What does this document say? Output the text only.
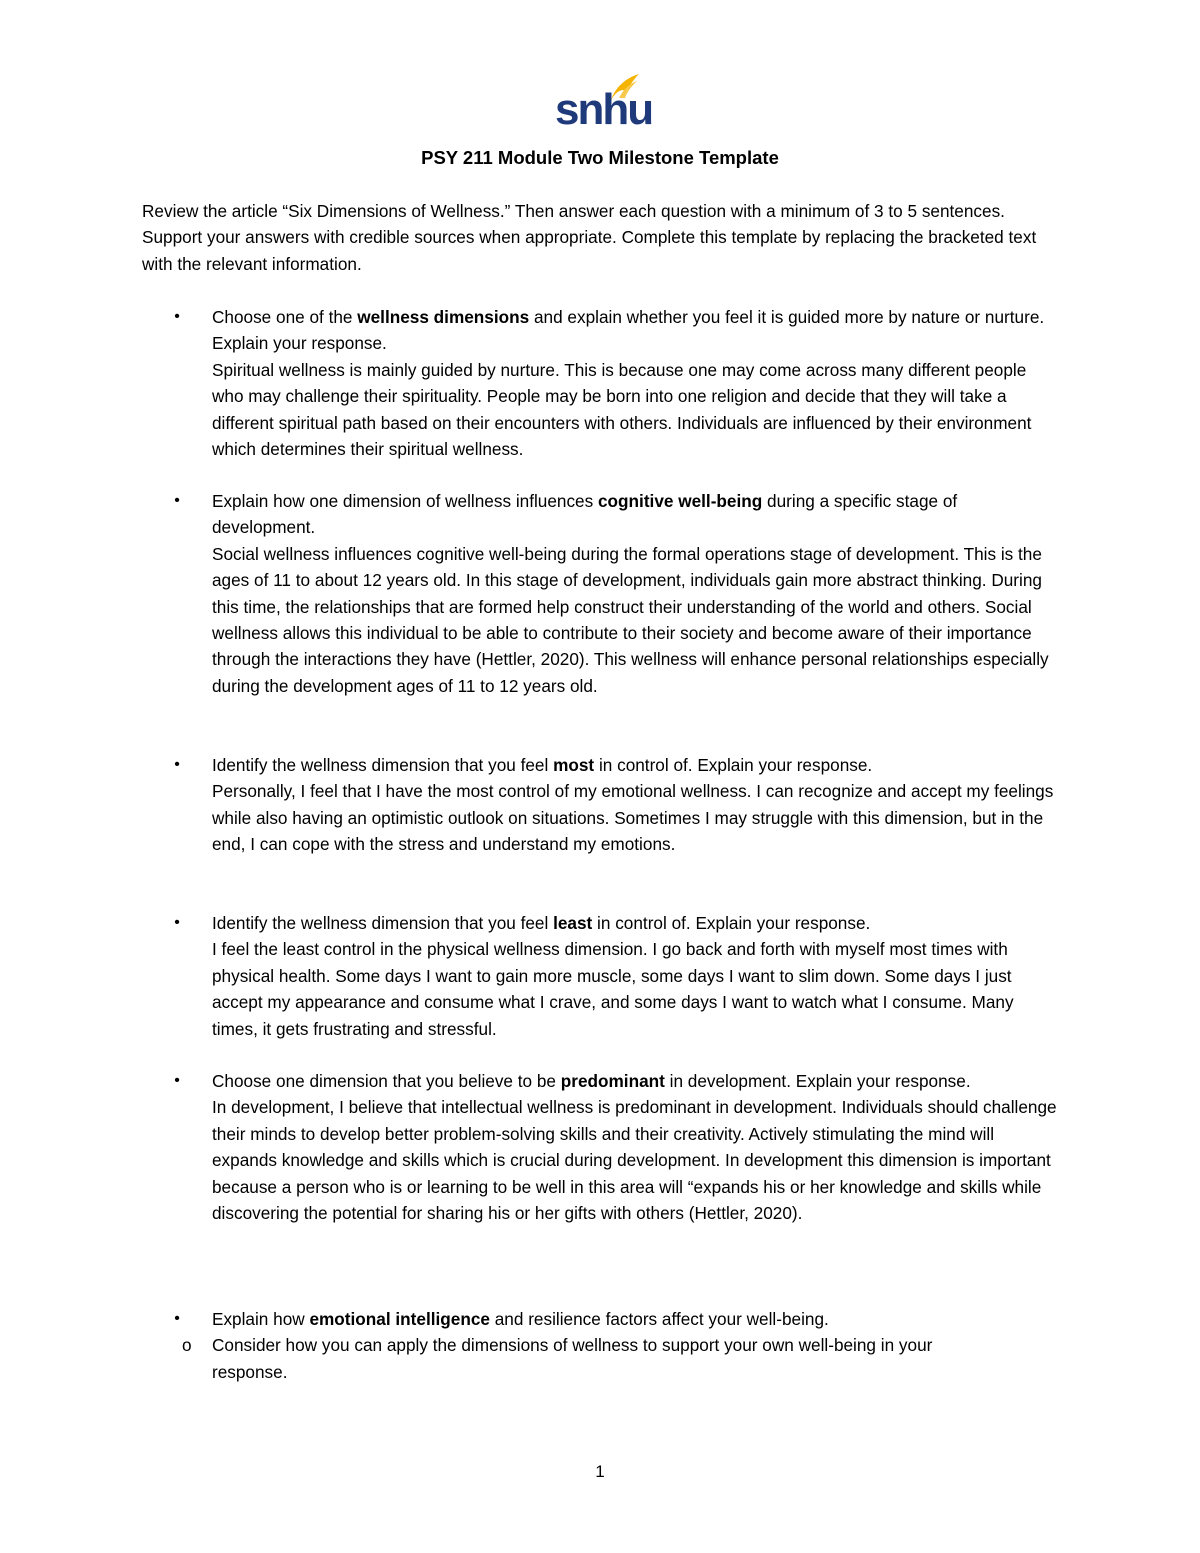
snhu
PSY 211 Module Two Milestone Template
Review the article “Six Dimensions of Wellness.” Then answer each question with a minimum of 3 to 5 sentences. Support your answers with credible sources when appropriate. Complete this template by replacing the bracketed text with the relevant information.
• Choose one of the wellness dimensions and explain whether you feel it is guided more by nature or nurture. Explain your response.

Spiritual wellness is mainly guided by nurture. This is because one may come across many different people who may challenge their spirituality. People may be born into one religion and decide that they will take a different spiritual path based on their encounters with others. Individuals are influenced by their environment which determines their spiritual wellness.

• Explain how one dimension of wellness influences cognitive well-being during a specific stage of development.

Social wellness influences cognitive well-being during the formal operations stage of development. This is the ages of 11 to about 12 years old. In this stage of development, individuals gain more abstract thinking. During this time, the relationships that are formed help construct their understanding of the world and others. Social wellness allows this individual to be able to contribute to their society and become aware of their importance through the interactions they have (Hettler, 2020). This wellness will enhance personal relationships especially during the development ages of 11 to 12 years old.

• Identify the wellness dimension that you feel most in control of. Explain your response.

Personally, I feel that I have the most control of my emotional wellness. I can recognize and accept my feelings while also having an optimistic outlook on situations. Sometimes I may struggle with this dimension, but in the end, I can cope with the stress and understand my emotions.

• Identify the wellness dimension that you feel least in control of. Explain your response.

I feel the least control in the physical wellness dimension. I go back and forth with myself most times with physical health. Some days I want to gain more muscle, some days I want to slim down. Some days I just accept my appearance and consume what I crave, and some days I want to watch what I consume. Many times, it gets frustrating and stressful.

• Choose one dimension that you believe to be predominant in development. Explain your response.

In development, I believe that intellectual wellness is predominant in development. Individuals should challenge their minds to develop better problem-solving skills and their creativity. Actively stimulating the mind will expands knowledge and skills which is crucial during development. In development this dimension is important because a person who is or learning to be well in this area will “expands his or her knowledge and skills while discovering the potential for sharing his or her gifts with others (Hettler, 2020).

• Explain how emotional intelligence and resilience factors affect your well-being.

o Consider how you can apply the dimensions of wellness to support your own well-being in your response.
1
